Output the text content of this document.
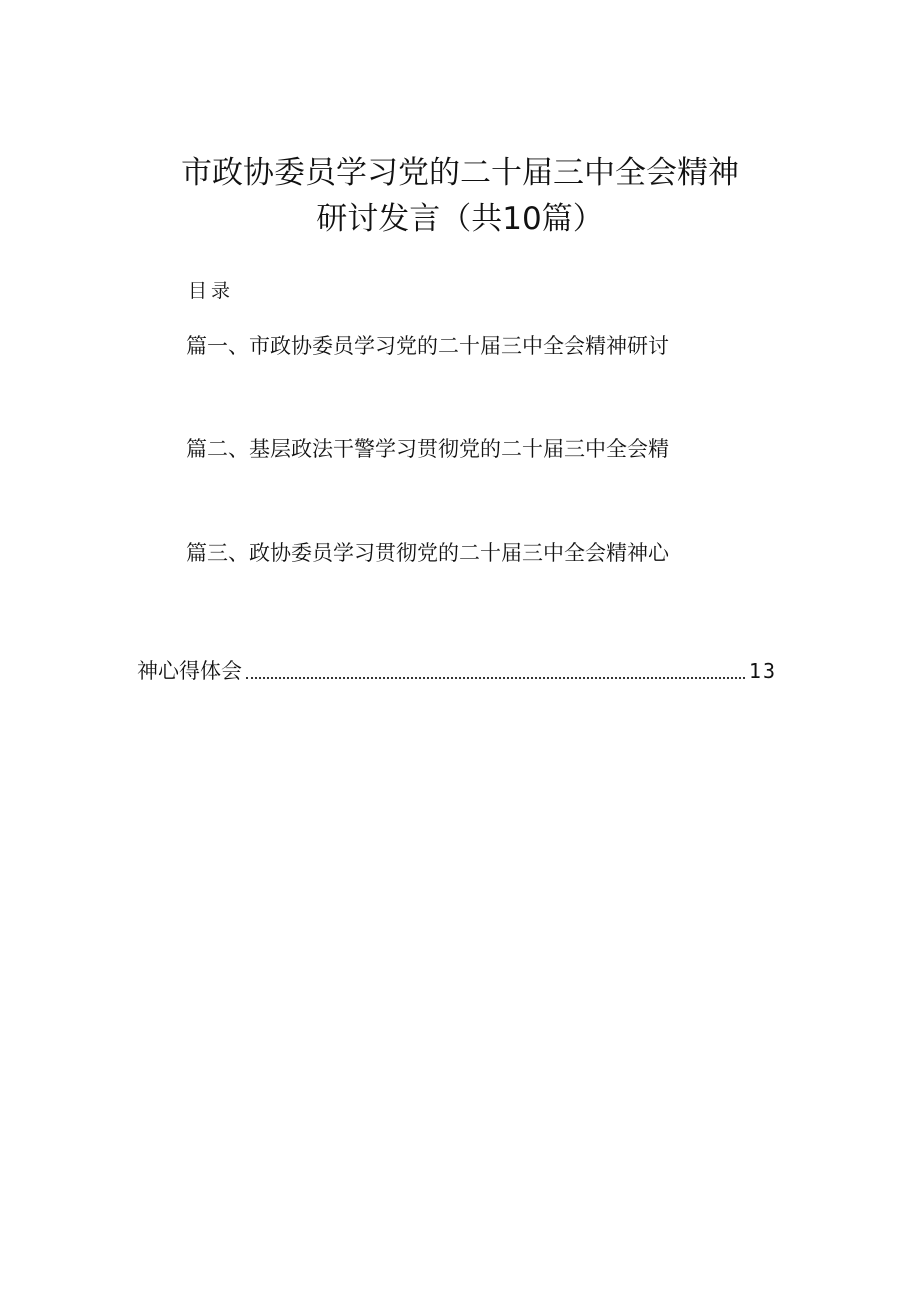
市政协委员学习党的二十届三中全会精神
研讨发言（共10篇）
目录
篇一、市政协委员学习党的二十届三中全会精神研讨
篇二、基层政法干警学习贯彻党的二十届三中全会精
篇三、政协委员学习贯彻党的二十届三中全会精神心
神心得体会	13
